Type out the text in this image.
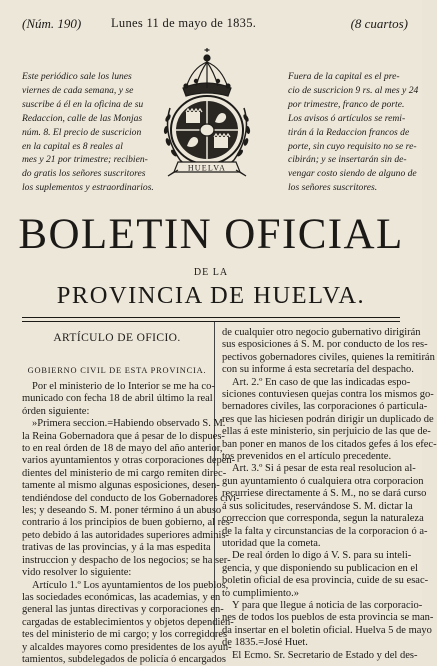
(Núm. 190) Lunes 11 de mayo de 1835.	(8 cuartos)
Este periódico sale los lunes
viernes de cada semana, y se
suscribe á él en la oficina de su
Redaccion, calle de las Monjas
núm. 8. El precio de suscricion
en la capital es 8 reales al
mes y 21 por trimestre; recibien-
do gratis los señores suscritores
los suplementos y estraordinarios.
Fuera de la capital es el pre-
cio de suscricion 9 rs. al mes y 24
por trimestre, franco de porte.
Los avisos ó artículos se remi-
tirán á la Redaccion francos de
porte, sin cuyo requisito no se re-
cibirán; y se insertarán sin de-
vengar costo siendo de alguno de
los señores suscritores.
HUELVA
BOLETIN OFICIAL
DE LA
PROVINCIA DE HUELVA.
ARTÍCULO DE OFICIO.
GOBIERNO CIVIL DE ESTA PROVINCIA.
Por el ministerio de lo Interior se me ha co-
municado con fecha 18 de abril último la real
órden siguiente:
»Primera seccion.=Habiendo observado S. M.
la Reina Gobernadora que á pesar de lo dispues-
to en real órden de 18 de mayo del año anterior,
varios ayuntamientos y otras corporaciones depen-
dientes del ministerio de mi cargo remiten direc-
tamente al mismo algunas esposiciones, desen-
tendiéndose del conducto de los Gobernadores civi-
les; y deseando S. M. poner término á un abuso
contrario á los principios de buen gobierno, al res-
peto debido á las autoridades superiores adminis-
trativas de las provincias, y á la mas espedita
instruccion y despacho de los negocios; se ha ser-
vido resolver lo siguiente:
Artículo 1.º Los ayuntamientos de los pueblos,
las sociedades económicas, las academias, y en
general las juntas directivas y corporaciones en-
cargadas de establecimientos y objetos dependien-
tes del ministerio de mi cargo; y los corregidores
y alcaldes mayores como presidentes de los ayun-
tamientos, subdelegados de policía ó encargados
de cualquier otro negocio gubernativo dirigirán
sus esposiciones á S. M. por conducto de los res-
pectivos gobernadores civiles, quienes la remitirán
con su informe á esta secretaría del despacho.
Art. 2.º En caso de que las indicadas espo-
siciones contuviesen quejas contra los mismos go-
bernadores civiles, las corporaciones ó particula-
res que las hiciesen podrán dirigir un duplicado de
ellas á este ministerio, sin perjuicio de las que de-
ban poner en manos de los citados gefes á los efec-
tos prevenidos en el artículo precedente.
Art. 3.º Si á pesar de esta real resolucion al-
gun ayuntamiento ó cualquiera otra corporacion
recurriese directamente á S. M., no se dará curso
á sus solicitudes, reservándose S. M. dictar la
correccion que corresponda, segun la naturaleza
de la falta y circunstancias de la corporacion ó a-
utoridad que la cometa.
De real órden lo digo á V. S. para su inteli-
gencia, y que disponiendo su publicacion en el
boletin oficial de esa provincia, cuide de su esac-
to cumplimiento.»
Y para que llegue á noticia de las corporacio-
nes de todos los pueblos de esta provincia se man-
da insertar en el boletin oficial. Huelva 5 de mayo
de 1835.=José Huet.
El Ecmo. Sr. Secretario de Estado y del des-
